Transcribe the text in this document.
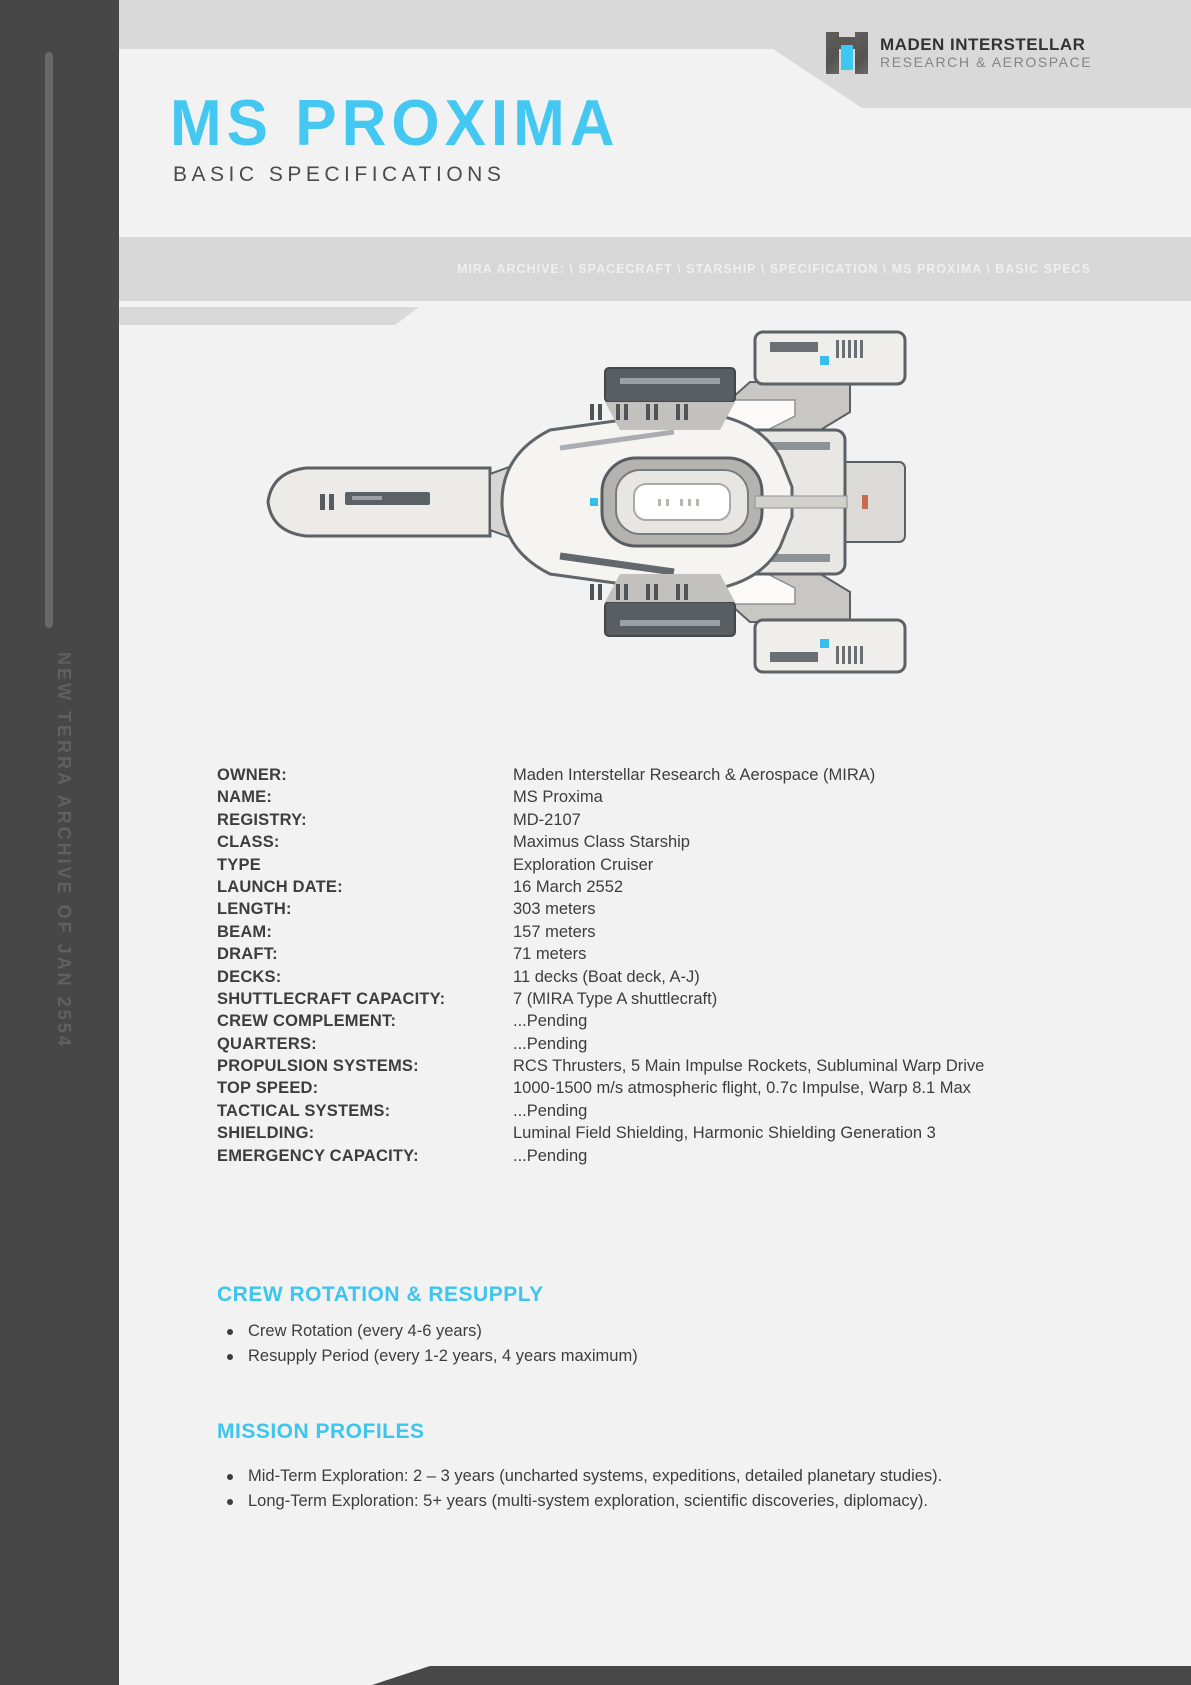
NEW TERRA ARCHIVE OF JAN 2554
MADEN INTERSTELLAR
RESEARCH & AEROSPACE
MS PROXIMA
BASIC SPECIFICATIONS
MIRA ARCHIVE: \ SPACECRAFT \ STARSHIP \ SPECIFICATION \ MS PROXIMA \ BASIC SPECS
OWNER:	Maden Interstellar Research & Aerospace (MIRA)
NAME:	MS Proxima
REGISTRY:	MD-2107
CLASS:	Maximus Class Starship
TYPE	Exploration Cruiser
LAUNCH DATE:	16 March 2552
LENGTH:	303 meters
BEAM:	157 meters
DRAFT:	71 meters
DECKS:	11 decks (Boat deck, A-J)
SHUTTLECRAFT CAPACITY:	7 (MIRA Type A shuttlecraft)
CREW COMPLEMENT:	...Pending
QUARTERS:	...Pending
PROPULSION SYSTEMS:	RCS Thrusters, 5 Main Impulse Rockets, Subluminal Warp Drive
TOP SPEED:	1000-1500 m/s atmospheric flight, 0.7c Impulse, Warp 8.1 Max
TACTICAL SYSTEMS:	...Pending
SHIELDING:	Luminal Field Shielding, Harmonic Shielding Generation 3
EMERGENCY CAPACITY:	...Pending
CREW ROTATION & RESUPPLY
Crew Rotation (every 4-6 years)
Resupply Period (every 1-2 years, 4 years maximum)
MISSION PROFILES
Mid-Term Exploration: 2 – 3 years (uncharted systems, expeditions, detailed planetary studies).
Long-Term Exploration: 5+ years (multi-system exploration, scientific discoveries, diplomacy).
